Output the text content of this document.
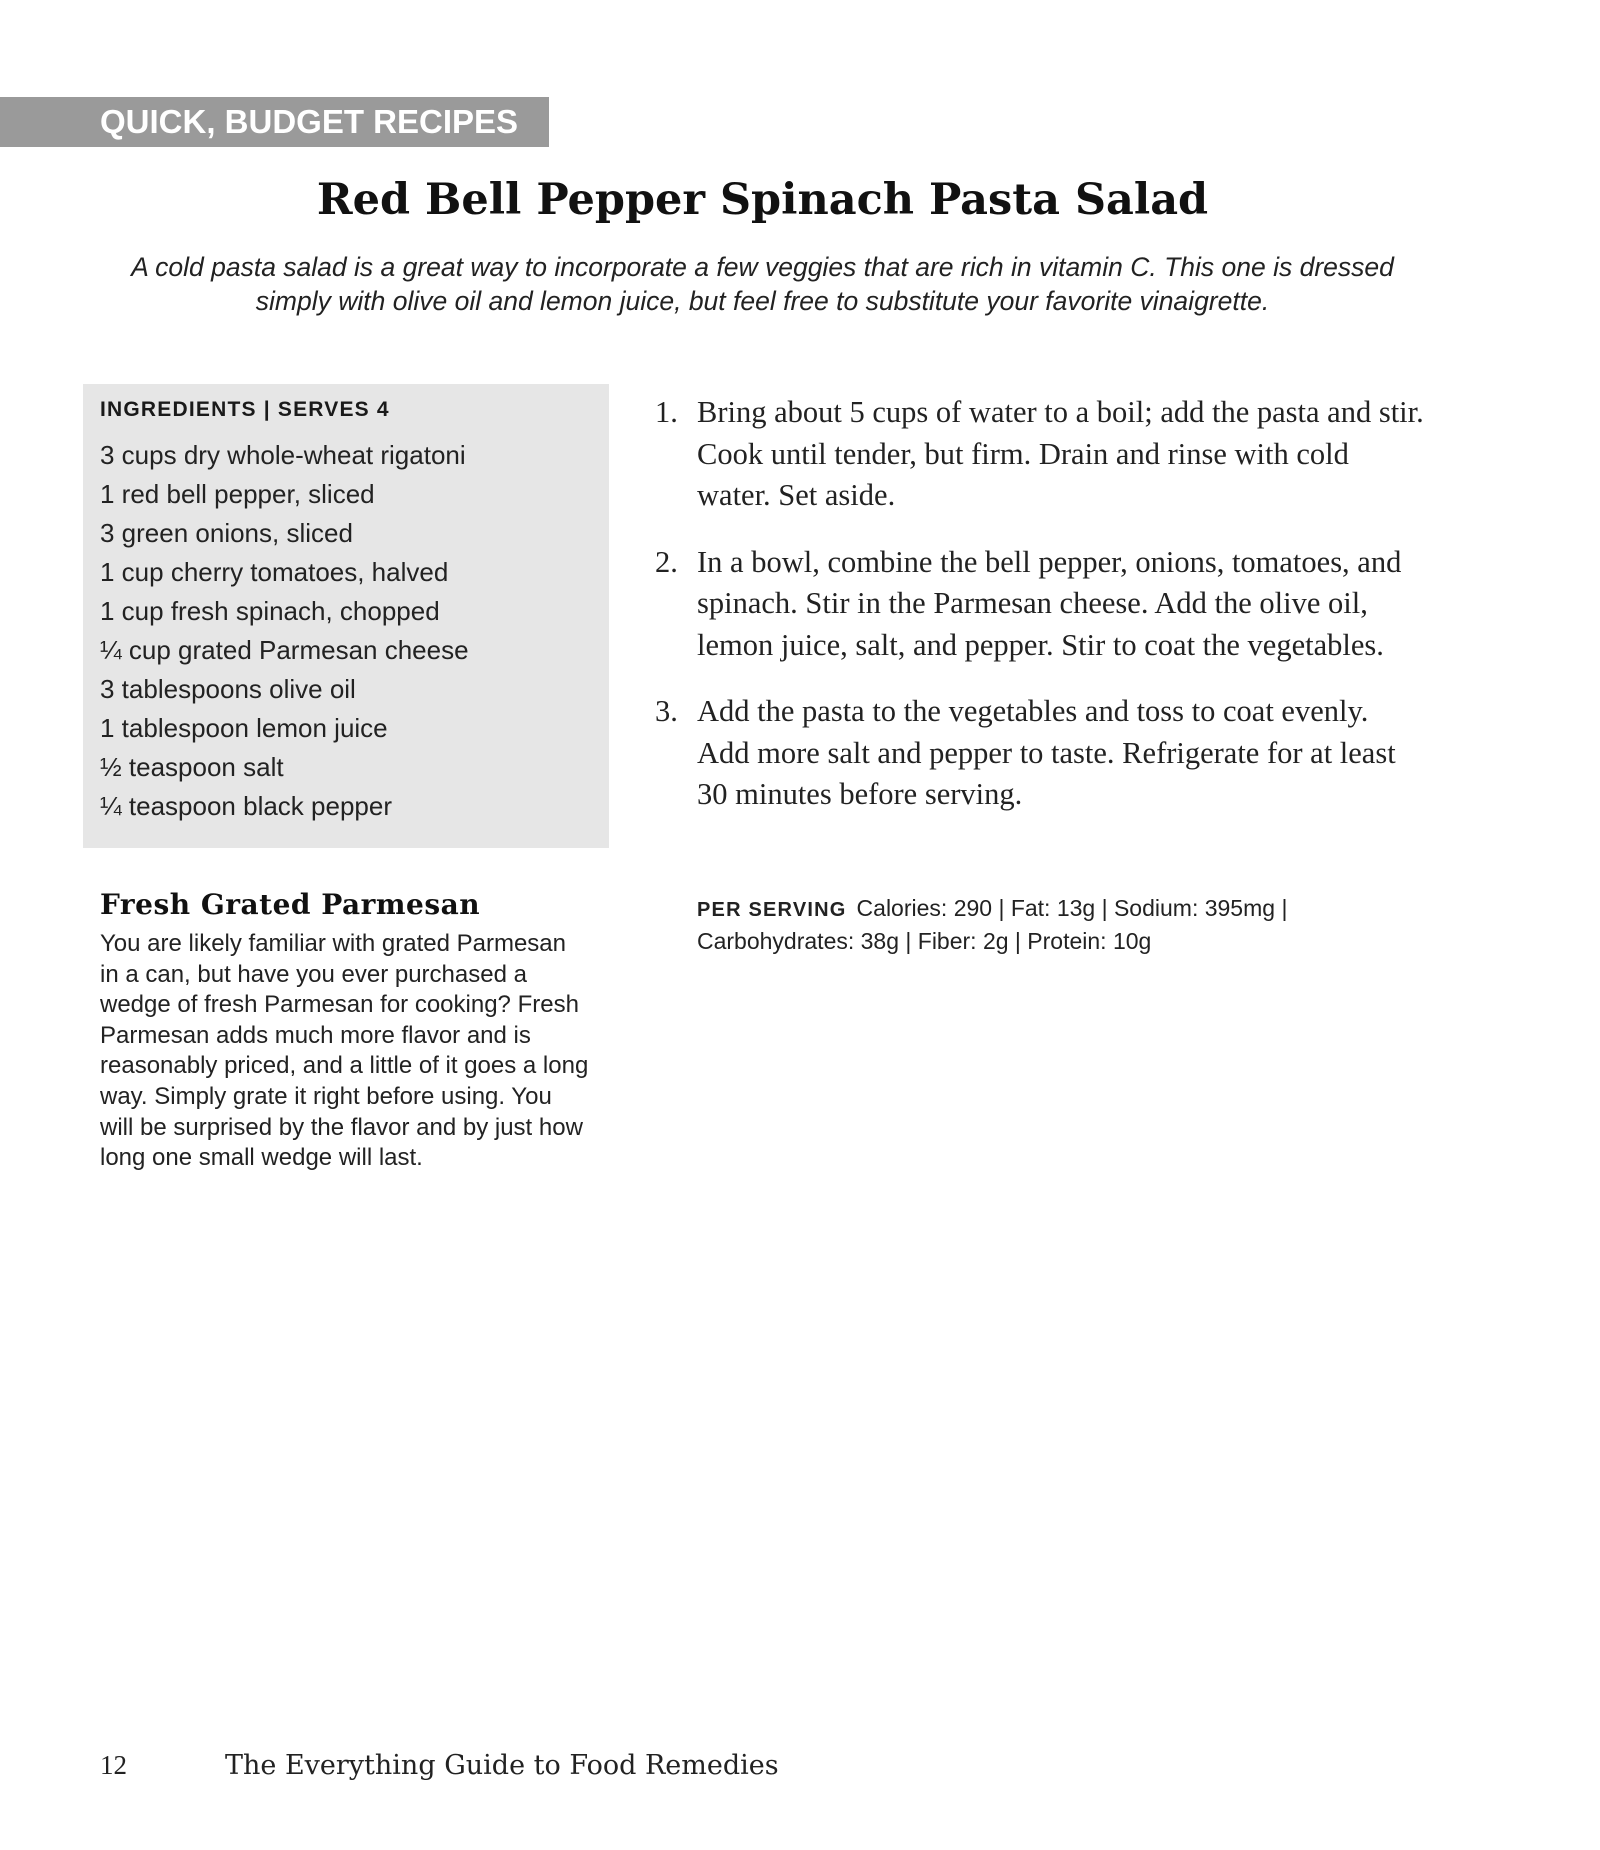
QUICK, BUDGET RECIPES
Red Bell Pepper Spinach Pasta Salad

A cold pasta salad is a great way to incorporate a few veggies that are rich in vitamin C. This one is dressed simply with olive oil and lemon juice, but feel free to substitute your favorite vinaigrette.

INGREDIENTS | SERVES 4
3 cups dry whole-wheat rigatoni
1 red bell pepper, sliced
3 green onions, sliced
1 cup cherry tomatoes, halved
1 cup fresh spinach, chopped
¼ cup grated Parmesan cheese
3 tablespoons olive oil
1 tablespoon lemon juice
½ teaspoon salt
¼ teaspoon black pepper
Fresh Grated Parmesan

You are likely familiar with grated Parmesan in a can, but have you ever purchased a wedge of fresh Parmesan for cooking? Fresh Parmesan adds much more flavor and is reasonably priced, and a little of it goes a long way. Simply grate it right before using. You will be surprised by the flavor and by just how long one small wedge will last.

1. Bring about 5 cups of water to a boil; add the pasta and stir. Cook until tender, but firm. Drain and rinse with cold water. Set aside.
2. In a bowl, combine the bell pepper, onions, tomatoes, and spinach. Stir in the Parmesan cheese. Add the olive oil, lemon juice, salt, and pepper. Stir to coat the vegetables.
3. Add the pasta to the vegetables and toss to coat evenly. Add more salt and pepper to taste. Refrigerate for at least 30 minutes before serving.

PER SERVING Calories: 290 | Fat: 13g | Sodium: 395mg | Carbohydrates: 38g | Fiber: 2g | Protein: 10g

12	The Everything Guide to Food Remedies
